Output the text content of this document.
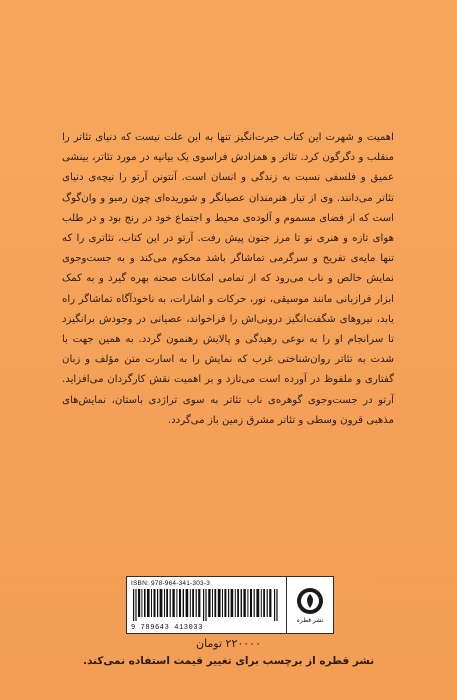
اهمیت و شهرت این کتاب حیرت‌انگیز تنها به این علت نیست که دنیای تئاتر را منقلب و دگرگون کرد. تئاتر و همزادش فراسوی یک بیانیه در مورد تئاتر، بینشی عمیق و فلسفی نسبت به زندگی و انسان است. آنتونن آرتو را نیچه‌ی دنیای تئاتر می‌دانند. وی از تبار هنرمندان عصیانگر و شوریده‌ای چون رمبو و وان‌گوگ است که از فضای مسموم و آلوده‌ی محیط و اجتماع خود در رنج بود و در طلب هوای تازه و هنری نو تا مرز جنون پیش رفت. آرتو در این کتاب، تئاتری را که تنها مایه‌ی تفریح و سرگرمی تماشاگر باشد محکوم می‌کند و به جست‌وجوی نمایش خالص و ناب می‌رود که از تمامی امکانات صحنه بهره گیرد و به کمک ابزار فرازبانی مانند موسیقی، نور، حرکات و اشارات، به ناخودآگاه تماشاگر راه یابد، نیروهای شگفت‌انگیز درونی‌اش را فراخواند، عصیانی در وجودش برانگیزد تا سرانجام او را به نوعی رهیدگی و پالایش رهنمون گردد. به همین جهت با شدت به تئاتر روان‌شناختی غرب که نمایش را به اسارت متن مؤلف و زبان گفتاری و ملفوظ در آورده است می‌تازد و بر اهمیت نقش کارگردان می‌افزاید. آرتو در جست‌وجوی گوهره‌ی ناب تئاتر به سوی تراژدی باستان، نمایش‌های مذهبی قرون وسطی و تئاتر مشرق زمین باز می‌گردد.
ISBN: 978-964-341-303-3
9 789643 413033
نشر قطره
۲۲۰۰۰۰ تومان
نشر قطره از برچسب برای تغییر قیمت استفاده نمی‌کند.
